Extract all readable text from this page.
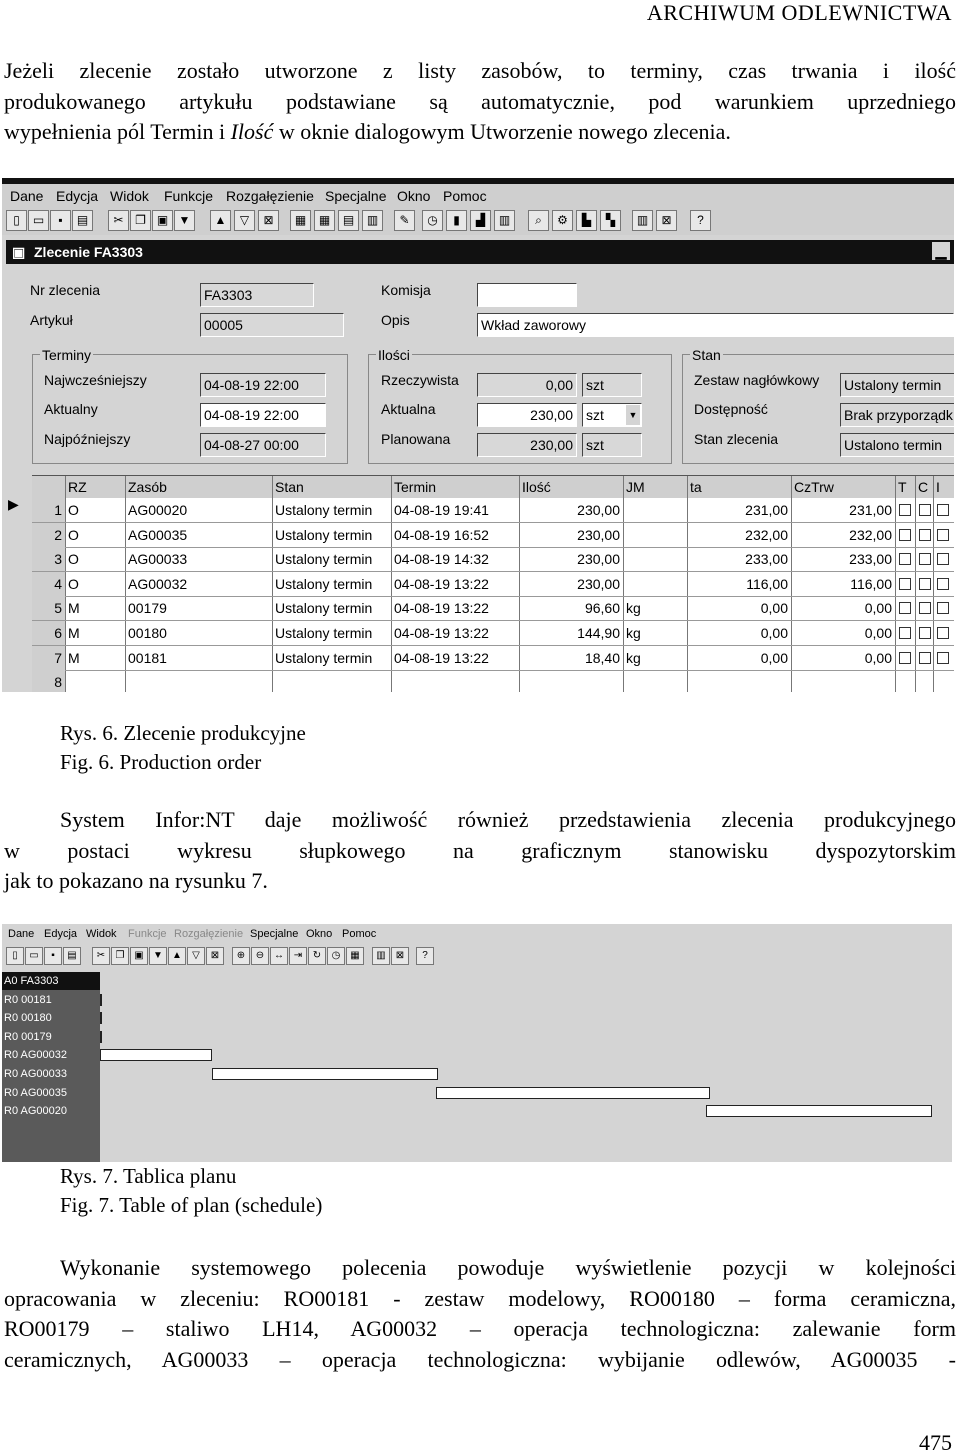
ARCHIWUM ODLEWNICTWA
Jeżeli zlecenie zostało utworzone z listy zasobów, to terminy, czas trwania i ilość
produkowanego artykułu podstawiane są automatycznie, pod warunkiem uprzedniego
wypełnienia pól Termin i Ilość w oknie dialogowym Utworzenie nowego zlecenia.
Dane Edycja Widok Funkcje Rozgałęzienie Specjalne Okno Pomoc
▯	▭	▪	▤	✂ ❐ ▣ ▼	▲	▽	⊠	▦	▦	▤	▥	✎	◷	▮	▟	▥	⌕	⚙	▙	▚	▥	⊠	?
▣ Zlecenie FA3303	▁
Nr zlecenia	FA3303
Artykuł	00005
Komisja
Opis	Wkład zaworowy
Terminy
Najwcześniejszy	04-08-19 22:00
Aktualny	04-08-19 22:00
Najpóźniejszy	04-08-27 00:00
Ilości
Rzeczywista	0,00 szt
Aktualna	230,00 szt	▼
Planowana	230,00 szt
Stan
Zestaw nagłówkowy Ustalony termin
Dostępność	Brak przyporządk
Stan zlecenia	Ustalono termin
RZ	Zasób	Stan	Termin	Ilość	JM	ta	CzTrw	T C I
1 O	AG00020	Ustalony termin	04-08-19 19:41	230,00	231,00	231,00
2 O	AG00035	Ustalony termin	04-08-19 16:52	230,00	232,00	232,00
3 O	AG00033	Ustalony termin	04-08-19 14:32	230,00	233,00	233,00
4 O	AG00032	Ustalony termin	04-08-19 13:22	230,00	116,00	116,00
5 M	00179	Ustalony termin	04-08-19 13:22	96,60 kg	0,00	0,00
6 M	00180	Ustalony termin	04-08-19 13:22	144,90 kg	0,00	0,00
7 M	00181	Ustalony termin	04-08-19 13:22	18,40 kg	0,00	0,00
8
▶
Rys. 6. Zlecenie produkcyjne
Fig. 6. Production order
System Infor:NT daje możliwość również przedstawienia zlecenia produkcyjnego
w postaci wykresu słupkowego na graficznym stanowisku dyspozytorskim
jak to pokazano na rysunku 7.
Dane Edycja Widok Funkcje Rozgałęzienie Specjalne Okno Pomoc
▯	▭	▪	▤	✂	❐ ▣ ▼ ▲	▽	⊠	⊕	⊖ ↔ ⇥	↻	◷ ▦	▥	⊠	?
A0 FA3303
R0 00181
R0 00180
R0 00179
R0 AG00032
R0 AG00033
R0 AG00035
R0 AG00020
Rys. 7. Tablica planu
Fig. 7. Table of plan (schedule)
Wykonanie systemowego polecenia powoduje wyświetlenie pozycji w kolejności
opracowania w zleceniu: RO00181 - zestaw modelowy, RO00180 – forma ceramiczna,
RO00179 – staliwo LH14, AG00032 – operacja technologiczna: zalewanie form
ceramicznych, AG00033 – operacja technologiczna: wybijanie odlewów, AG00035 -
475
